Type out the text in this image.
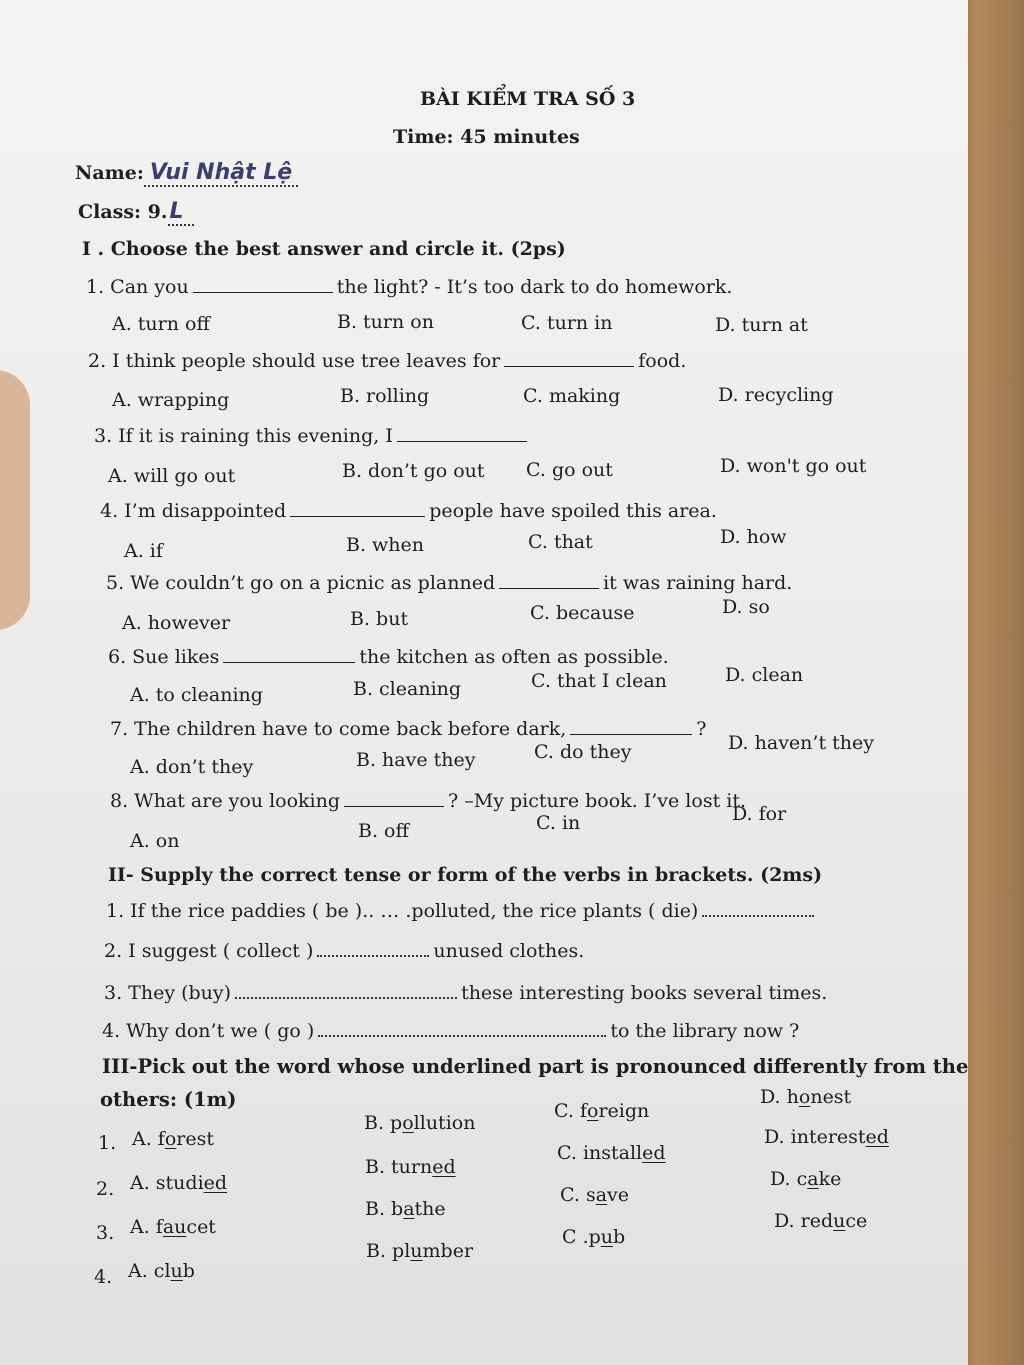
BÀI KIỂM TRA SỐ 3
Time: 45 minutes
Name: Vui Nhật Lệ
Class: 9.L
I . Choose the best answer and circle it. (2ps)
1. Can you	the light? - It’s too dark to do homework.
A. turn off	B. turn on	C. turn in	D. turn at
2. I think people should use tree leaves for	food.
A. wrapping	B. rolling	C. making	D. recycling
3. If it is raining this evening, I
A. will go out	B. don’t go out C. go out	D. won't go out
4. I’m disappointed	people have spoiled this area.
A. if	B. when	C. that	D. how
5. We couldn’t go on a picnic as planned	it was raining hard.
A. however	B. but	C. because	D. so
6. Sue likes	the kitchen as often as possible.
A. to cleaning	B. cleaning	C. that I clean	D. clean
7. The children have to come back before dark,	?
A. don’t they	B. have they	C. do they	D. haven’t they
8. What are you looking	? –My picture book. I’ve lost it.
A. on	B. off	C. in	D. for
II- Supply the correct tense or form of the verbs in brackets. (2ms)
1. If the rice paddies ( be ).. … .polluted, the rice plants ( die)
2. I suggest ( collect )	unused clothes.
3. They (buy)	these interesting books several times.
4. Why don’t we ( go )	to the library now ?
III-Pick out the word whose underlined part is pronounced differently from the
others: (1m)
1. A. forest
B. pollution
C. foreign
D. honest
2. A. studied
B. turned
C. installed
D. interested
3. A. faucet
B. bathe
C. save
D. cake
4. A. club
B. plumber
C .pub
D. reduce
